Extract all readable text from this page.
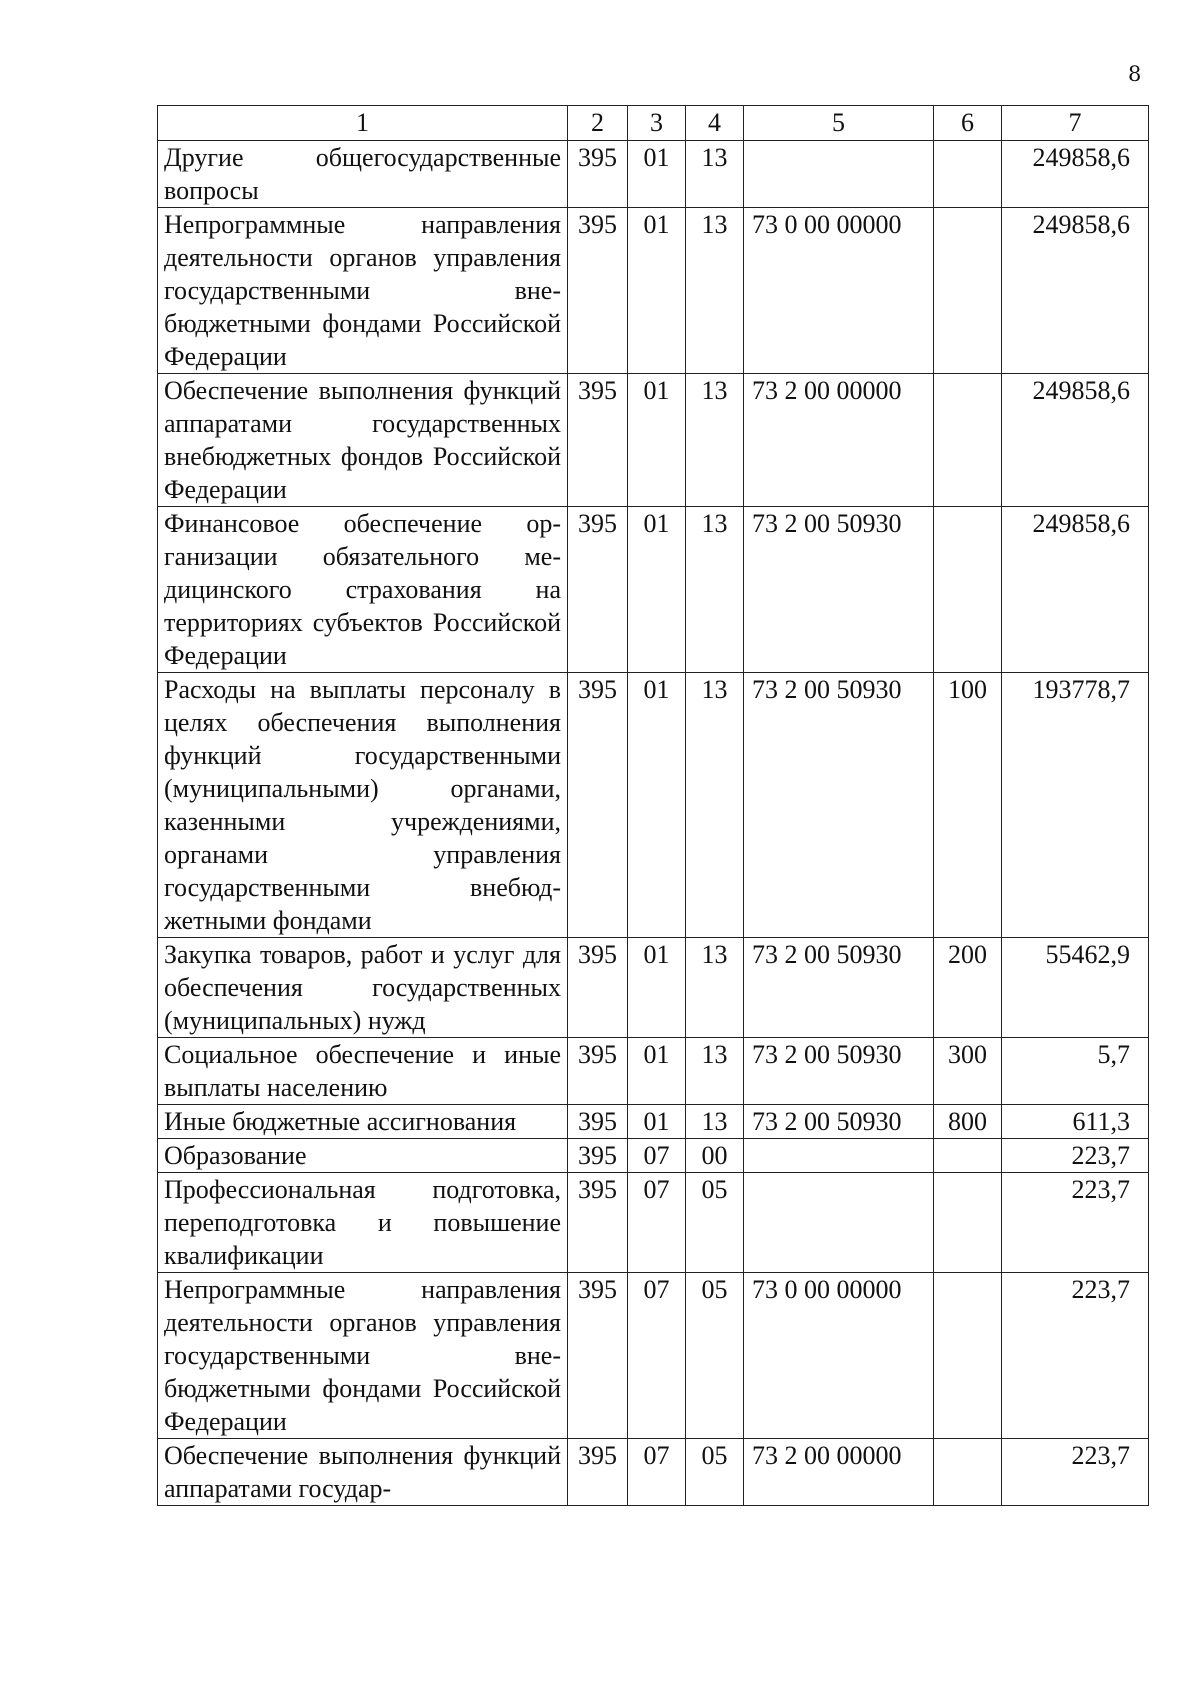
8
1	2	3	4	5	6	7
Другие общегосударственные вопросы	395	01	13			249858,6
Непрограммные направления деятельности органов управления государственными внебюджетными фондами Российской Федерации	395	01	13	73 0 00 00000		249858,6
Обеспечение выполнения функций аппаратами государственных внебюджетных фондов Российской Федерации	395	01	13	73 2 00 00000		249858,6
Финансовое обеспечение организации обязательного медицинского страхования на территориях субъектов Российской Федерации	395	01	13	73 2 00 50930		249858,6
Расходы на выплаты персоналу в целях обеспечения выполнения функций государственными (муниципальными) органами, казенными учреждениями, органами управления государственными внебюджетными фондами	395	01	13	73 2 00 50930	100	193778,7
Закупка товаров, работ и услуг для обеспечения государственных (муниципальных) нужд	395	01	13	73 2 00 50930	200	55462,9
Социальное обеспечение и иные выплаты населению	395	01	13	73 2 00 50930	300	5,7
Иные бюджетные ассигнования	395	01	13	73 2 00 50930	800	611,3
Образование	395	07	00			223,7
Профессиональная подготовка, переподготовка и повышение квалификации	395	07	05			223,7
Непрограммные направления деятельности органов управления государственными внебюджетными фондами Российской Федерации	395	07	05	73 0 00 00000		223,7
Обеспечение выполнения функций аппаратами государ-	395	07	05	73 2 00 00000		223,7
